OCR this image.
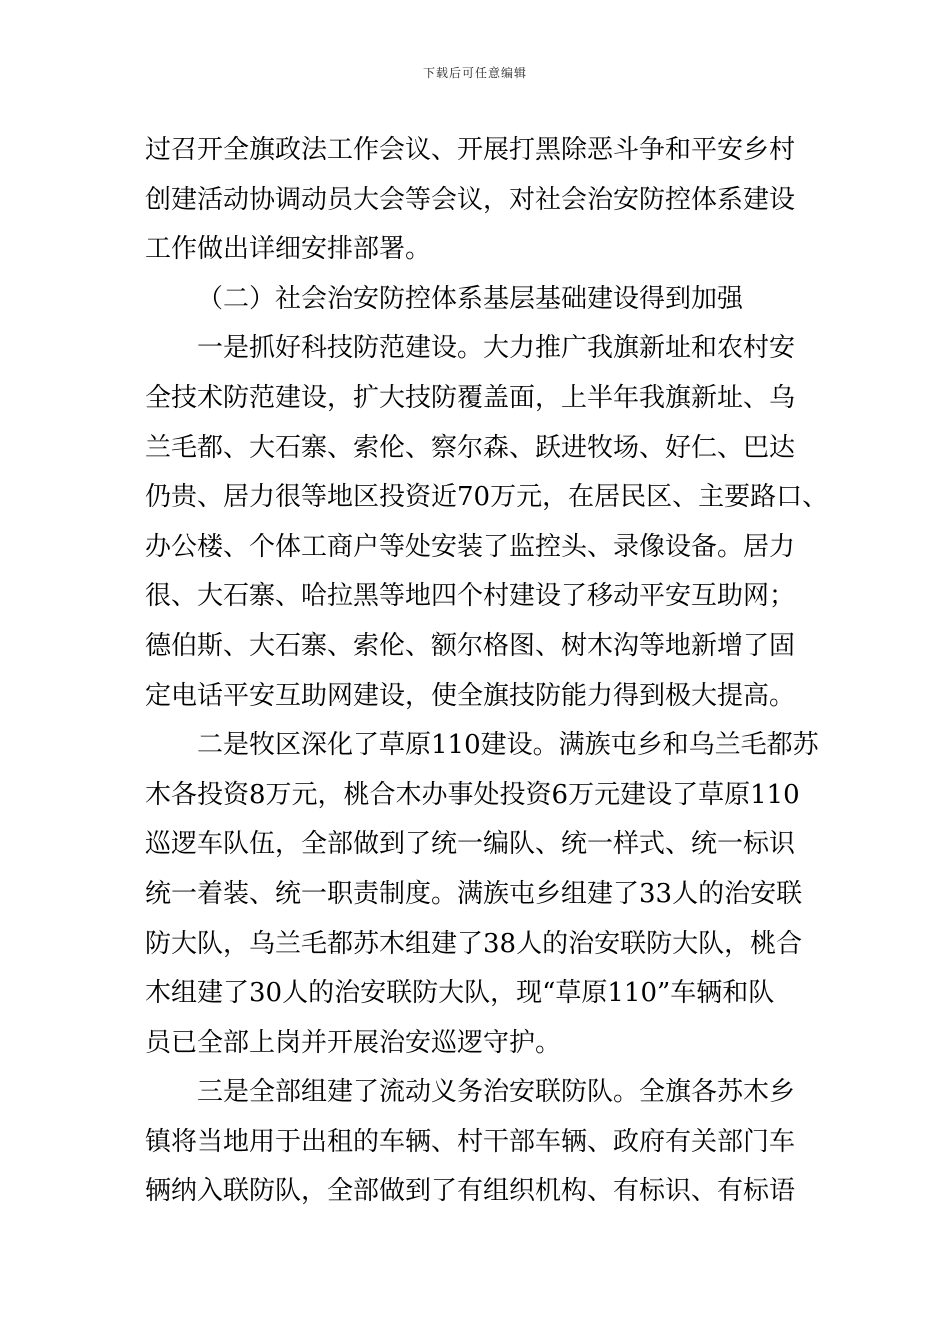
下载后可任意编辑
过召开全旗政法工作会议、开展打黑除恶斗争和平安乡村
创建活动协调动员大会等会议，对社会治安防控体系建设
工作做出详细安排部署。
（二）社会治安防控体系基层基础建设得到加强
一是抓好科技防范建设。大力推广我旗新址和农村安
全技术防范建设，扩大技防覆盖面，上半年我旗新址、乌
兰毛都、大石寨、索伦、察尔森、跃进牧场、好仁、巴达
仍贵、居力很等地区投资近70万元，在居民区、主要路口、
办公楼、个体工商户等处安装了监控头、录像设备。居力
很、大石寨、哈拉黑等地四个村建设了移动平安互助网；
德伯斯、大石寨、索伦、额尔格图、树木沟等地新增了固
定电话平安互助网建设，使全旗技防能力得到极大提高。
二是牧区深化了草原110建设。满族屯乡和乌兰毛都苏
木各投资8万元，桃合木办事处投资6万元建设了草原110
巡逻车队伍，全部做到了统一编队、统一样式、统一标识
统一着装、统一职责制度。满族屯乡组建了33人的治安联
防大队，乌兰毛都苏木组建了38人的治安联防大队，桃合
木组建了30人的治安联防大队，现“草原110”车辆和队
员已全部上岗并开展治安巡逻守护。
三是全部组建了流动义务治安联防队。全旗各苏木乡
镇将当地用于出租的车辆、村干部车辆、政府有关部门车
辆纳入联防队，全部做到了有组织机构、有标识、有标语
